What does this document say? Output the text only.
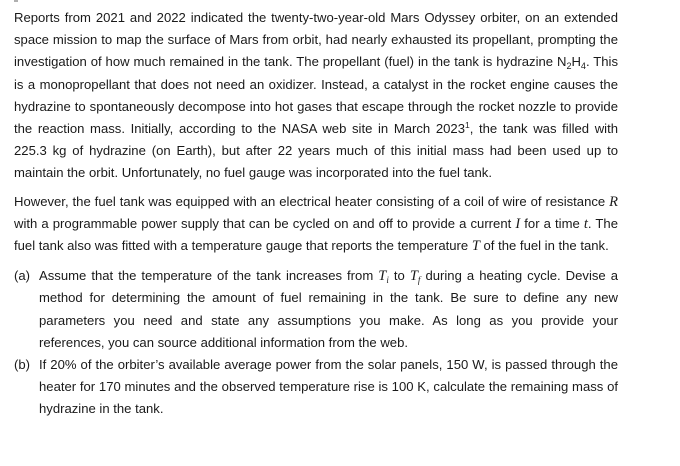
Reports from 2021 and 2022 indicated the twenty-two-year-old Mars Odyssey orbiter, on an extended space mission to map the surface of Mars from orbit, had nearly exhausted its propellant, prompting the investigation of how much remained in the tank. The propellant (fuel) in the tank is hydrazine $N_2H_4$. This is a monopropellant that does not need an oxidizer. Instead, a catalyst in the rocket engine causes the hydrazine to spontaneously decompose into hot gases that escape through the rocket nozzle to provide the reaction mass. Initially, according to the NASA web site in March 2023$^1$, the tank was filled with 225.3 kg of hydrazine (on Earth), but after 22 years much of this initial mass had been used up to maintain the orbit. Unfortunately, no fuel gauge was incorporated into the fuel tank.

However, the fuel tank was equipped with an electrical heater consisting of a coil of wire of resistance R with a programmable power supply that can be cycled on and off to provide a current I for a time t. The fuel tank also was fitted with a temperature gauge that reports the temperature T of the fuel in the tank.

(a) Assume that the temperature of the tank increases from $T_i$ to $T_f$ during a heating cycle. Devise a method for determining the amount of fuel remaining in the tank. Be sure to define any new parameters you need and state any assumptions you make. As long as you provide your references, you can source additional information from the web.
(b) If 20% of the orbiter’s available average power from the solar panels, 150 W, is passed through the heater for 170 minutes and the observed temperature rise is 100 K, calculate the remaining mass of hydrazine in the tank.
